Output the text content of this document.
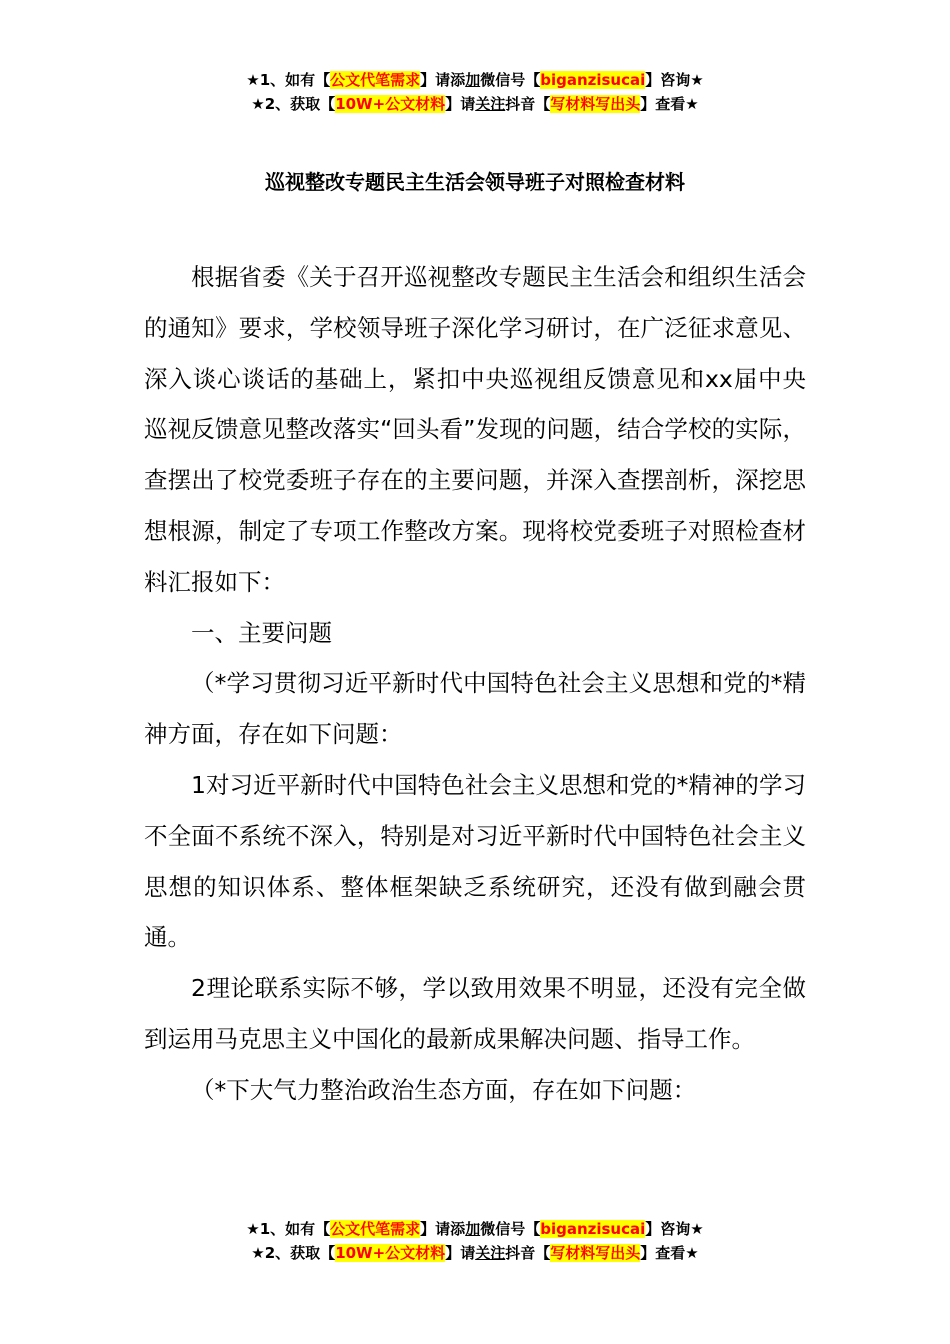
★1、如有【公文代笔需求】请添加微信号【biganzisucai】咨询★
★2、获取【10W+公文材料】请关注抖音【写材料写出头】查看★
巡视整改专题民主生活会领导班子对照检查材料

根据省委《关于召开巡视整改专题民主生活会和组织生活会的通知》要求，学校领导班子深化学习研讨，在广泛征求意见、深入谈心谈话的基础上，紧扣中央巡视组反馈意见和xx届中央巡视反馈意见整改落实“回头看”发现的问题，结合学校的实际，查摆出了校党委班子存在的主要问题，并深入查摆剖析，深挖思想根源，制定了专项工作整改方案。现将校党委班子对照检查材料汇报如下：

一、主要问题

（*学习贯彻习近平新时代中国特色社会主义思想和党的*精神方面，存在如下问题：

1对习近平新时代中国特色社会主义思想和党的*精神的学习不全面不系统不深入，特别是对习近平新时代中国特色社会主义思想的知识体系、整体框架缺乏系统研究，还没有做到融会贯通。

2理论联系实际不够，学以致用效果不明显，还没有完全做到运用马克思主义中国化的最新成果解决问题、指导工作。

（*下大气力整治政治生态方面，存在如下问题：

★1、如有【公文代笔需求】请添加微信号【biganzisucai】咨询★
★2、获取【10W+公文材料】请关注抖音【写材料写出头】查看★
